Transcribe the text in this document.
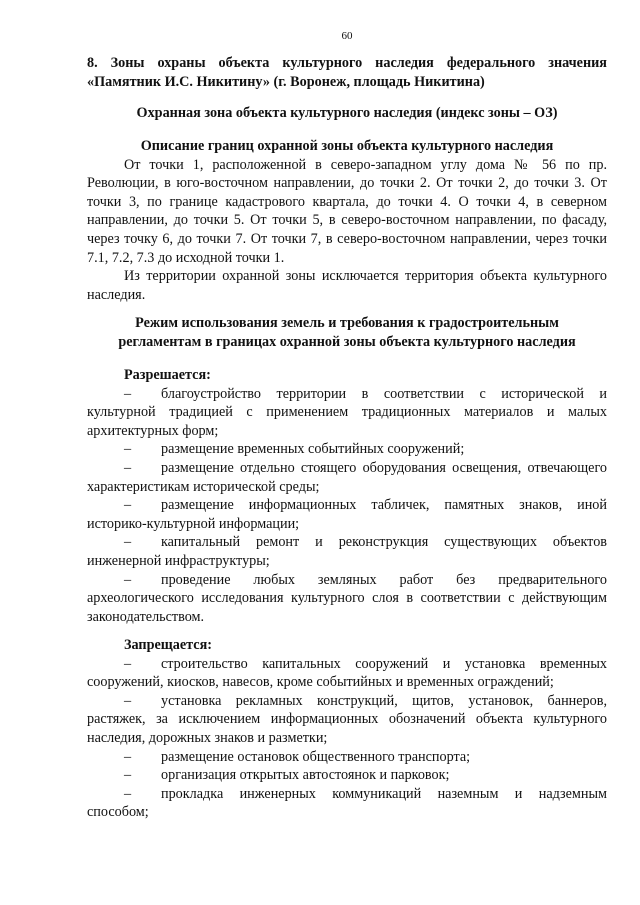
60
8. Зоны охраны объекта культурного наследия федерального значения «Памятник И.С. Никитину» (г. Воронеж, площадь Никитина)
Охранная зона объекта культурного наследия (индекс зоны – ОЗ)

Описание границ охранной зоны объекта культурного наследия

От точки 1, расположенной в северо-западном углу дома № 56 по пр. Революции, в юго-восточном направлении, до точки 2. От точки 2, до точки 3. От точки 3, по границе кадастрового квартала, до точки 4. О точки 4, в северном направлении, до точки 5. От точки 5, в северо-восточном направлении, по фасаду, через точку 6, до точки 7. От точки 7, в северо-восточном направлении, через точки 7.1, 7.2, 7.3 до исходной точки 1.

Из территории охранной зоны исключается территория объекта культурного наследия.

Режим использования земель и требования к градостроительным

регламентам в границах охранной зоны объекта культурного наследия

Разрешается:

– благоустройство территории в соответствии с исторической и культурной традицией с применением традиционных материалов и малых архитектурных форм;

– размещение временных событийных сооружений;

– размещение отдельно стоящего оборудования освещения, отвечающего характеристикам исторической среды;

– размещение информационных табличек, памятных знаков, иной историко-культурной информации;

– капитальный ремонт и реконструкция существующих объектов инженерной инфраструктуры;

– проведение любых земляных работ без предварительного археологического исследования культурного слоя в соответствии с действующим законодательством.

Запрещается:

– строительство капитальных сооружений и установка временных сооружений, киосков, навесов, кроме событийных и временных ограждений;

– установка рекламных конструкций, щитов, установок, баннеров, растяжек, за исключением информационных обозначений объекта культурного наследия, дорожных знаков и разметки;

– размещение остановок общественного транспорта;

– организация открытых автостоянок и парковок;

– прокладка инженерных коммуникаций наземным и надземным способом;
